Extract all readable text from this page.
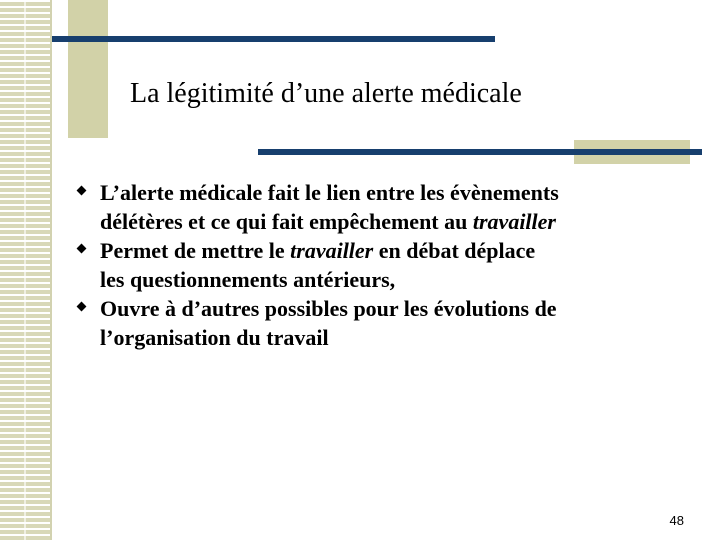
La légitimité d’une alerte médicale
L’alerte médicale fait le lien entre les évènements
délétères et ce qui fait empêchement au travailler
Permet de mettre le travailler en débat déplace
les questionnements antérieurs,
Ouvre à d’autres possibles pour les évolutions de
l’organisation du travail
48
